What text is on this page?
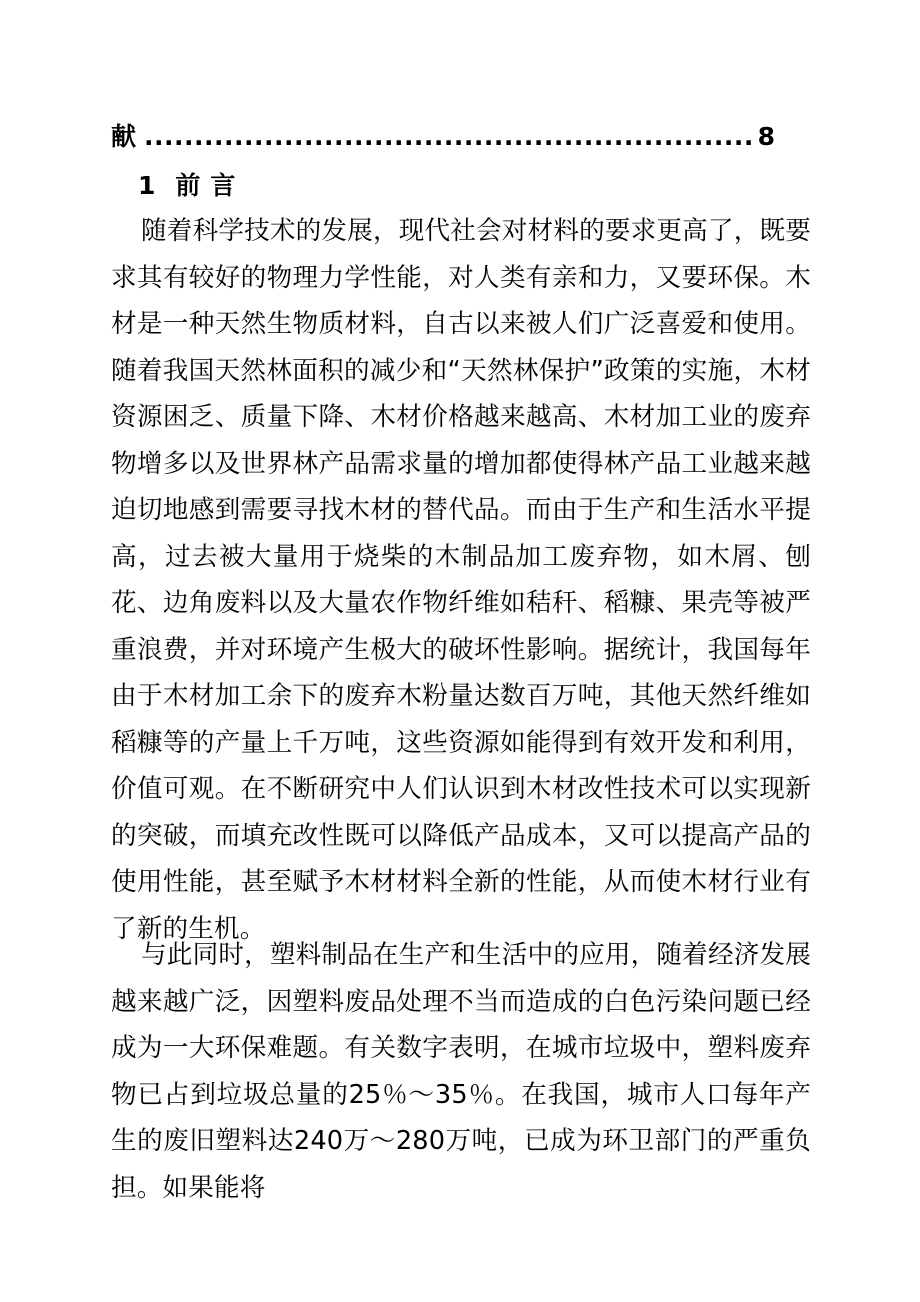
献
.....	8
1 前言

随着科学技术的发展，现代社会对材料的要求更高了，既要求其有较好的物理力学性能，对人类有亲和力，又要环保。木材是一种天然生物质材料，自古以来被人们广泛喜爱和使用。随着我国天然林面积的减少和“天然林保护”政策的实施，木材资源困乏、质量下降、木材价格越来越高、木材加工业的废弃物增多以及世界林产品需求量的增加都使得林产品工业越来越迫切地感到需要寻找木材的替代品。而由于生产和生活水平提高，过去被大量用于烧柴的木制品加工废弃物，如木屑、刨花、边角废料以及大量农作物纤维如秸秆、稻糠、果壳等被严重浪费，并对环境产生极大的破坏性影响。据统计，我国每年由于木材加工余下的废弃木粉量达数百万吨，其他天然纤维如稻糠等的产量上千万吨，这些资源如能得到有效开发和利用，价值可观。在不断研究中人们认识到木材改性技术可以实现新的突破，而填充改性既可以降低产品成本，又可以提高产品的使用性能，甚至赋予木材材料全新的性能，从而使木材行业有了新的生机。

与此同时，塑料制品在生产和生活中的应用，随着经济发展越来越广泛，因塑料废品处理不当而造成的白色污染问题已经成为一大环保难题。有关数字表明，在城市垃圾中，塑料废弃物已占到垃圾总量的25％～35％。在我国，城市人口每年产生的废旧塑料达240万～280万吨，已成为环卫部门的严重负担。如果能将
